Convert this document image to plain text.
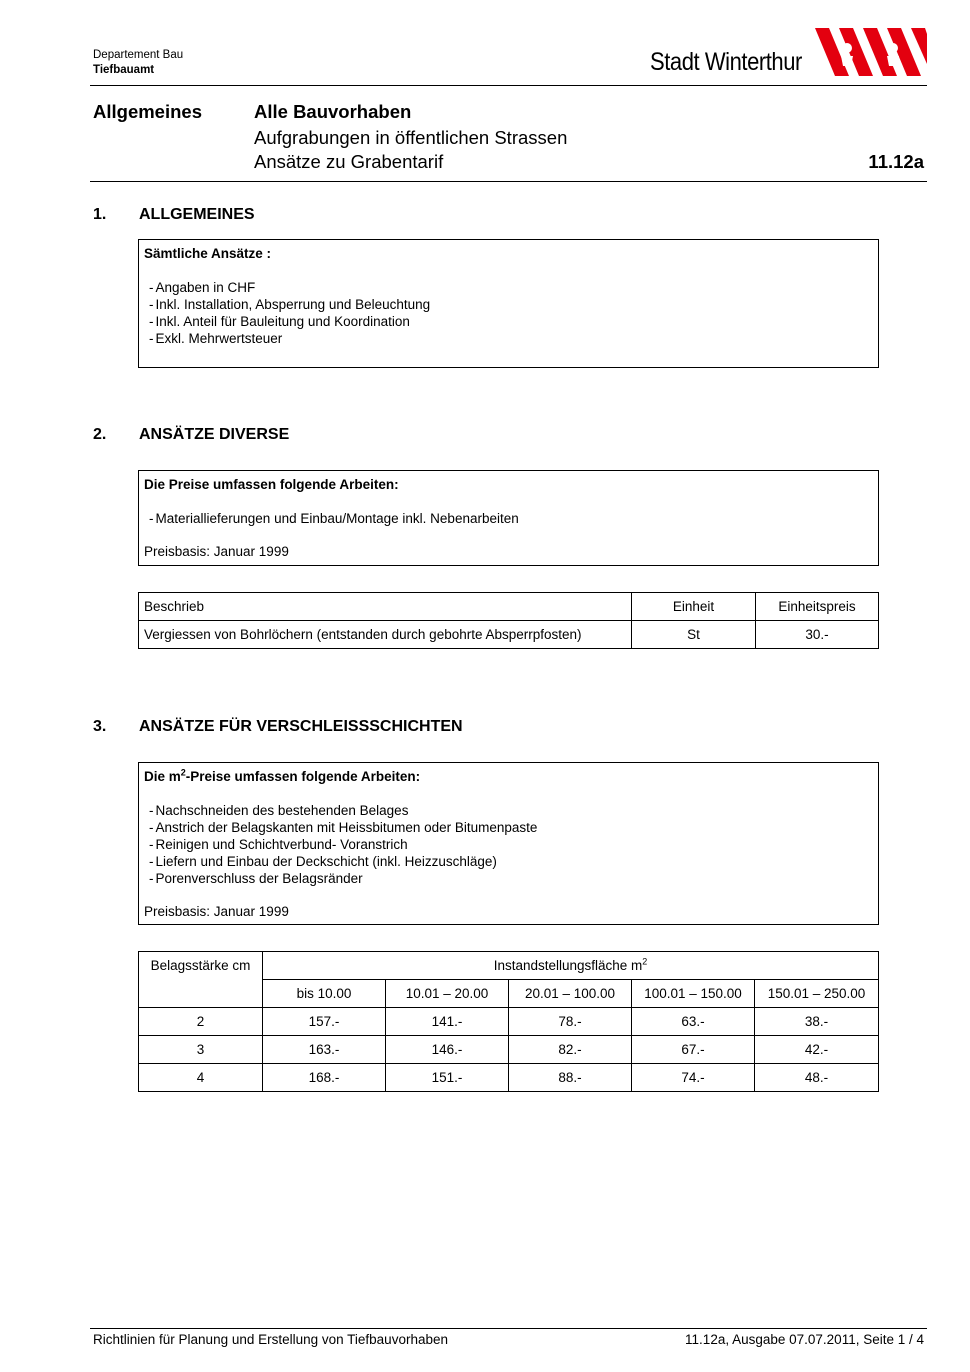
Departement Bau
Tiefbauamt	Stadt Winterthur
Allgemeines	Alle Bauvorhaben
Aufgrabungen in öffentlichen Strassen
Ansätze zu Grabentarif	11.12a
1. ALLGEMEINES
Sämtliche Ansätze :
- Angaben in CHF
- Inkl. Installation, Absperrung und Beleuchtung
- Inkl. Anteil für Bauleitung und Koordination
- Exkl. Mehrwertsteuer
2. ANSÄTZE DIVERSE
Die Preise umfassen folgende Arbeiten:
- Materiallieferungen und Einbau/Montage inkl. Nebenarbeiten
Preisbasis: Januar 1999
Beschrieb	Einheit	Einheitspreis
Vergiessen von Bohrlöchern (entstanden durch gebohrte Absperrpfosten)	St	30.-
3. ANSÄTZE FÜR VERSCHLEISSSCHICHTEN
Die $m^2$-Preise umfassen folgende Arbeiten:
- Nachschneiden des bestehenden Belages
- Anstrich der Belagskanten mit Heissbitumen oder Bitumenpaste
- Reinigen und Schichtverbund- Voranstrich
- Liefern und Einbau der Deckschicht (inkl. Heizzuschläge)
- Porenverschluss der Belagsränder
Preisbasis: Januar 1999
Belagsstärke cm	Instandstellungsfläche $m^2$
	bis 10.00	10.01 – 20.00	20.01 – 100.00	100.01 – 150.00	150.01 – 250.00
2	157.-	141.-	78.-	63.-	38.-
3	163.-	146.-	82.-	67.-	42.-
4	168.-	151.-	88.-	74.-	48.-
Richtlinien für Planung und Erstellung von Tiefbauvorhaben	11.12a, Ausgabe 07.07.2011, Seite 1 / 4
